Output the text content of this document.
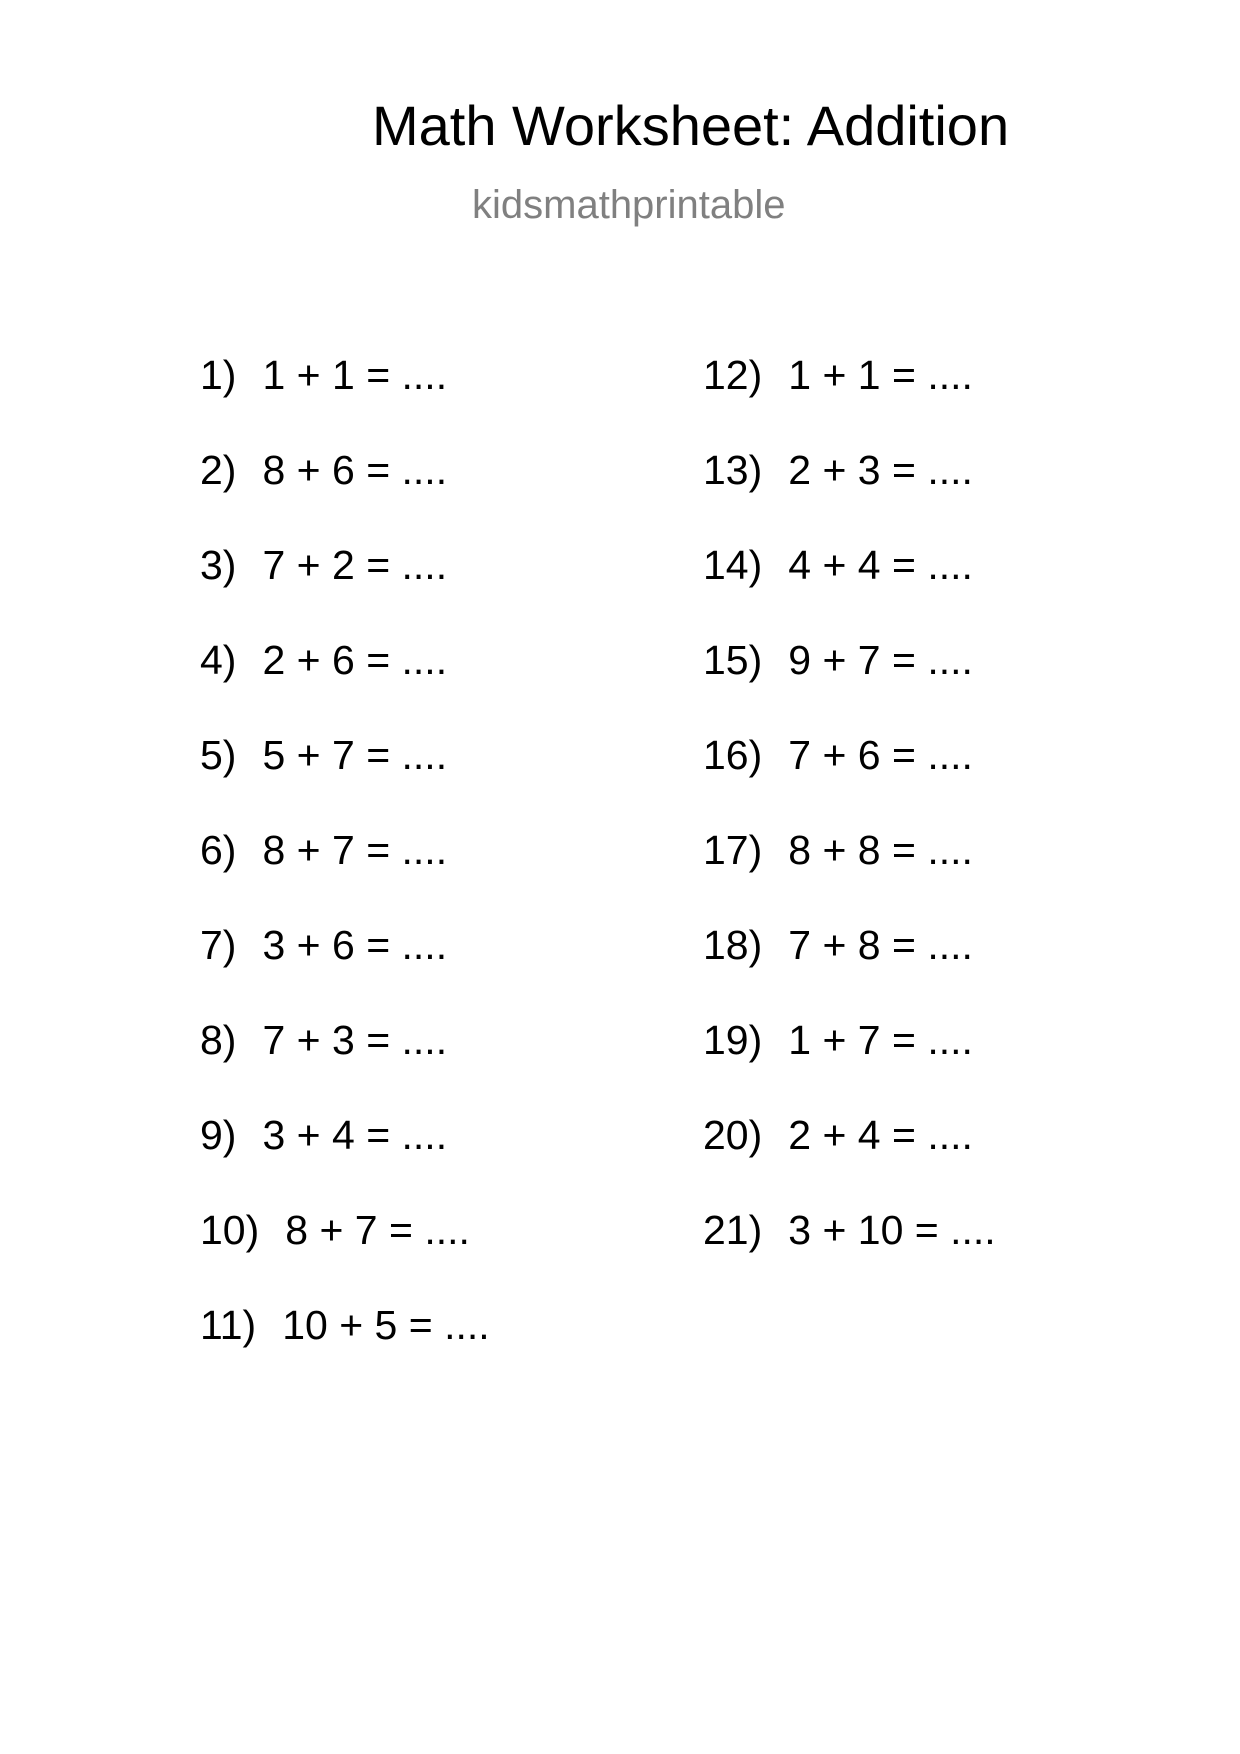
Math Worksheet: Addition
kidsmathprintable
1) 1 + 1 = ....
2) 8 + 6 = ....
3) 7 + 2 = ....
4) 2 + 6 = ....
5) 5 + 7 = ....
6) 8 + 7 = ....
7) 3 + 6 = ....
8) 7 + 3 = ....
9) 3 + 4 = ....
10) 8 + 7 = ....
11) 10 + 5 = ....
12) 1 + 1 = ....
13) 2 + 3 = ....
14) 4 + 4 = ....
15) 9 + 7 = ....
16) 7 + 6 = ....
17) 8 + 8 = ....
18) 7 + 8 = ....
19) 1 + 7 = ....
20) 2 + 4 = ....
21) 3 + 10 = ....
